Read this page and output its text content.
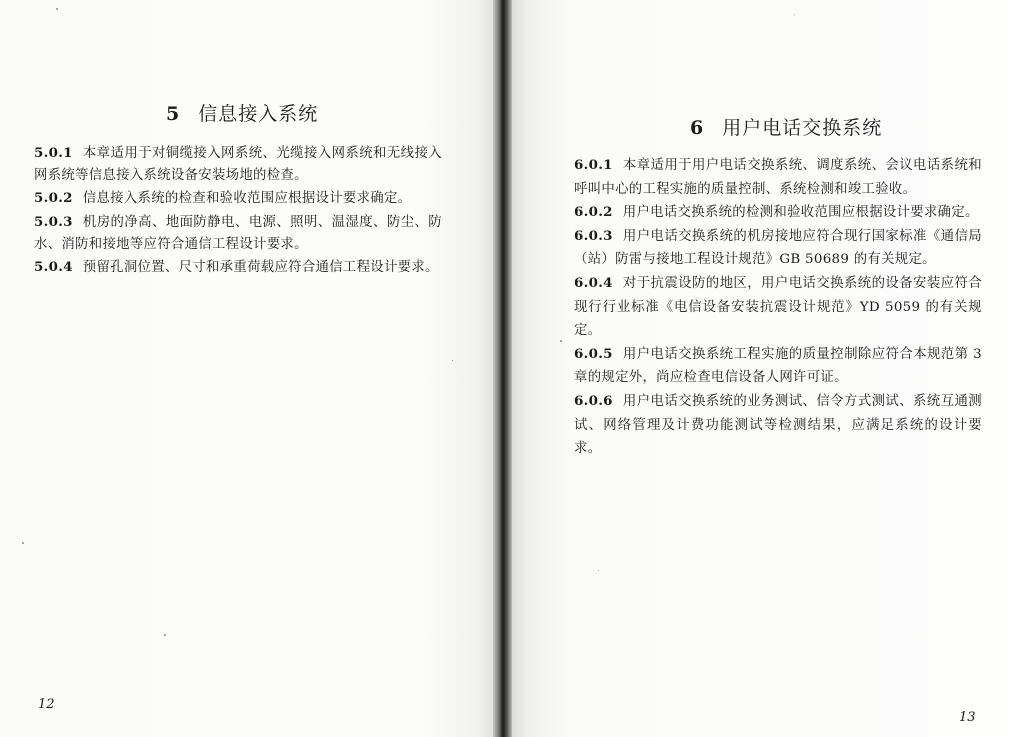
5 信息接入系统

5.0.1 本章适用于对铜缆接入网系统、光缆接入网系统和无线接入网系统等信息接入系统设备安装场地的检查。

5.0.2 信息接入系统的检查和验收范围应根据设计要求确定。

5.0.3 机房的净高、地面防静电、电源、照明、温湿度、防尘、防水、消防和接地等应符合通信工程设计要求。

5.0.4 预留孔洞位置、尺寸和承重荷载应符合通信工程设计要求。

12
6 用户电话交换系统

6.0.1 本章适用于用户电话交换系统、调度系统、会议电话系统和呼叫中心的工程实施的质量控制、系统检测和竣工验收。

6.0.2 用户电话交换系统的检测和验收范围应根据设计要求确定。

6.0.3 用户电话交换系统的机房接地应符合现行国家标准《通信局（站）防雷与接地工程设计规范》GB 50689 的有关规定。

6.0.4 对于抗震设防的地区，用户电话交换系统的设备安装应符合现行行业标准《电信设备安装抗震设计规范》YD 5059 的有关规定。

6.0.5 用户电话交换系统工程实施的质量控制除应符合本规范第 3 章的规定外，尚应检查电信设备人网许可证。

6.0.6 用户电话交换系统的业务测试、信令方式测试、系统互通测试、网络管理及计费功能测试等检测结果，应满足系统的设计要求。

13
